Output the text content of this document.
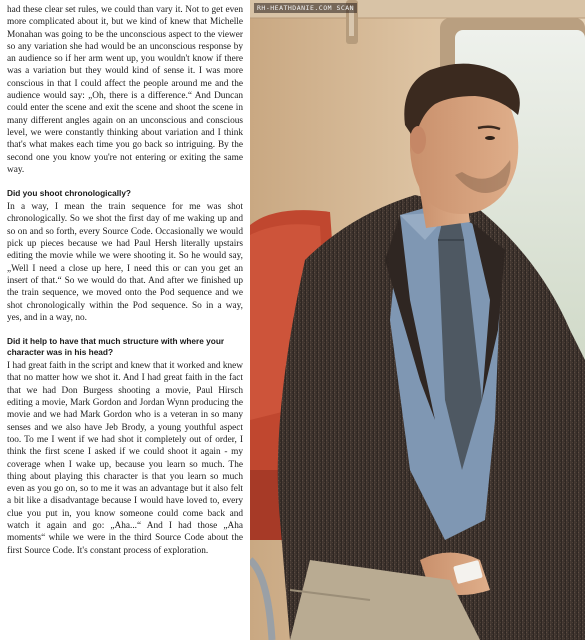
had these clear set rules, we could than vary it. Not to get even more complicated about it, but we kind of knew that Michelle Monahan was going to be the unconscious aspect to the viewer so any variation she had would be an unconscious response by an audience so if her arm went up, you wouldn't know if there was a variation but they would kind of sense it. I was more conscious in that I could affect the people around me and the audience would say: „Oh, there is a difference.“ And Duncan could enter the scene and exit the scene and shoot the scene in many different angles again on an unconscious and conscious level, we were constantly thinking about variation and I think that's what makes each time you go back so intriguing. By the second one you know you're not entering or exiting the same way.

Did you shoot chronologically?

In a way, I mean the train sequence for me was shot chronologically. So we shot the first day of me waking up and so on and so forth, every Source Code. Occasionally we would pick up pieces because we had Paul Hersh literally upstairs editing the movie while we were shooting it. So he would say, „Well I need a close up here, I need this or can you get an insert of that.“ So we would do that. And after we finished up the train sequence, we moved onto the Pod sequence and we shot chronologically within the Pod sequence. So in a way, yes, and in a way, no.

Did it help to have that much structure with where your character was in his head?

I had great faith in the script and knew that it worked and knew that no matter how we shot it. And I had great faith in the fact that we had Don Burgess shooting a movie, Paul Hirsch editing a movie, Mark Gordon and Jordan Wynn producing the movie and we had Mark Gordon who is a veteran in so many senses and we also have Jeb Brody, a young youthful aspect too. To me I went if we had shot it completely out of order, I think the first scene I asked if we could shoot it again - my coverage when I wake up, because you learn so much. The thing about playing this character is that you learn so much even as you go on, so to me it was an advantage but it also felt a bit like a disadvantage because I would have loved to, every clue you put in, you know someone could come back and watch it again and go: „Aha...“ And I had those „Aha moments“ while we were in the third Source Code about the first Source Code. It's constant process of exploration.

RH-HEATHDANIE.COM SCAN
